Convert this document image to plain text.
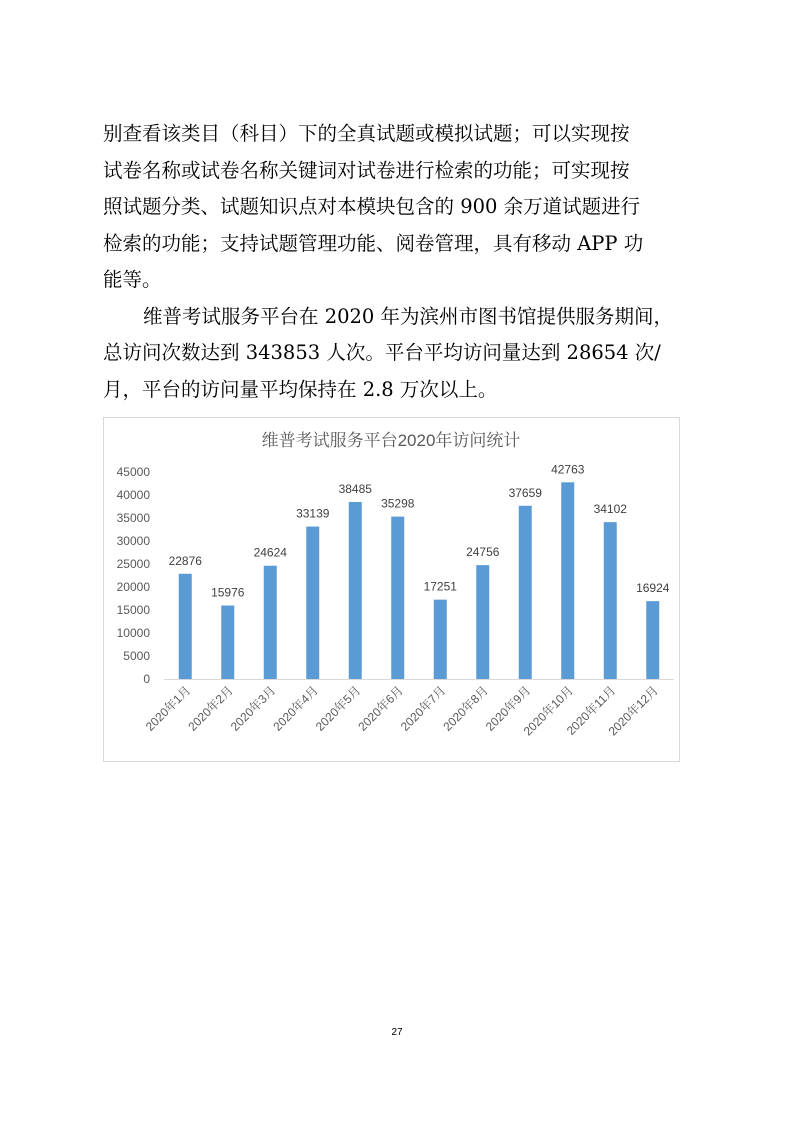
别查看该类目（科目）下的全真试题或模拟试题；可以实现按
试卷名称或试卷名称关键词对试卷进行检索的功能；可实现按
照试题分类、试题知识点对本模块包含的 900 余万道试题进行
检索的功能；支持试题管理功能、阅卷管理，具有移动 APP 功
能等。
维普考试服务平台在 2020 年为滨州市图书馆提供服务期间，
总访问次数达到 343853 人次。平台平均访问量达到 28654 次/
月，平台的访问量平均保持在 2.8 万次以上。
维普考试服务平台2020年访问统计
45000
40000
35000
30000
25000
20000
15000
10000
5000
0
22876
15976
24624
33139
38485
35298
17251
24756
37659
42763
34102
16924
2020年1月
2020年2月
2020年3月
2020年4月
2020年5月
2020年6月
2020年7月
2020年8月
2020年9月
2020年10月
2020年11月
2020年12月
27
